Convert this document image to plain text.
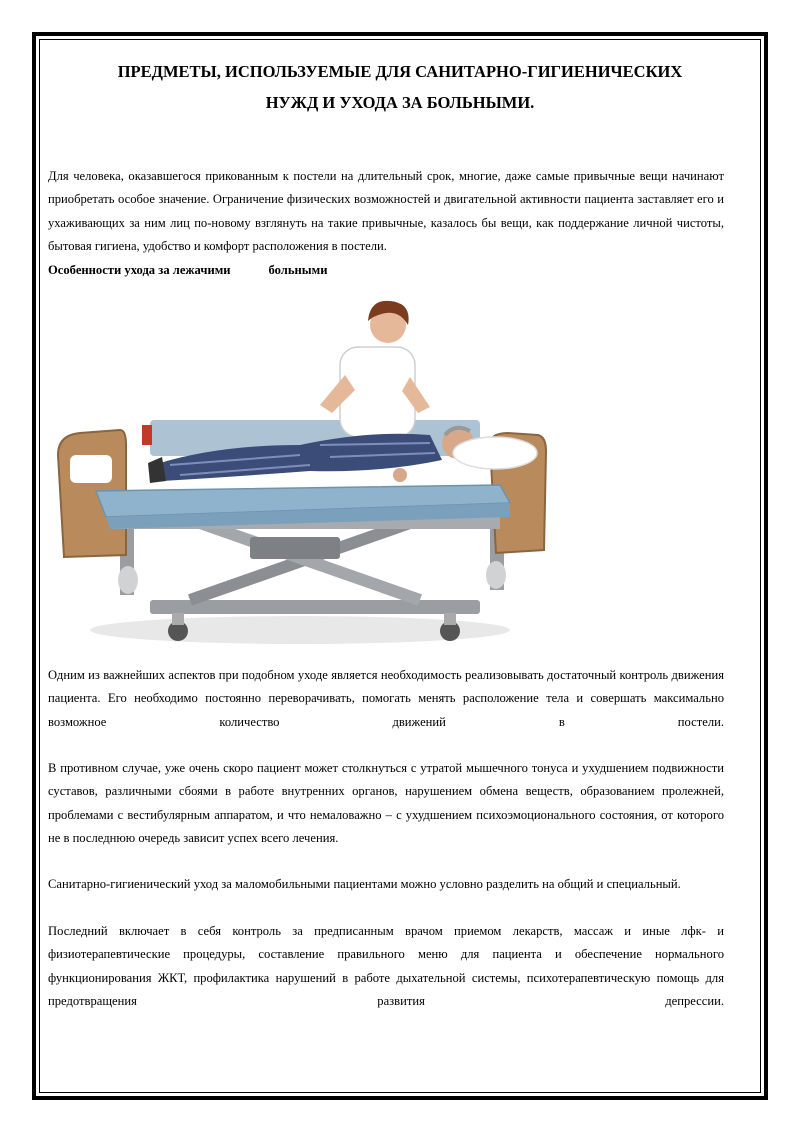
ПРЕДМЕТЫ, ИСПОЛЬЗУЕМЫЕ ДЛЯ САНИТАРНО-ГИГИЕНИЧЕСКИХ
НУЖД И УХОДА ЗА БОЛЬНЫМИ.
Для человека, оказавшегося прикованным к постели на длительный срок, многие, даже самые привычные вещи начинают приобретать особое значение. Ограничение физических возможностей и двигательной активности пациента заставляет его и ухаживающих за ним лиц по-новому взглянуть на такие привычные, казалось бы вещи, как поддержание личной чистоты, бытовая гигиена, удобство и комфорт расположения в постели.
Особенности ухода за лежачими	больными
Одним из важнейших аспектов при подобном уходе является необходимость реализовывать достаточный контроль движения пациента. Его необходимо постоянно переворачивать, помогать менять расположение тела и совершать максимально возможное количество движений в постели.
В противном случае, уже очень скоро пациент может столкнуться с утратой мышечного тонуса и ухудшением подвижности суставов, различными сбоями в работе внутренних органов, нарушением обмена веществ, образованием пролежней, проблемами с вестибулярным аппаратом, и что немаловажно – с ухудшением психоэмоционального состояния, от которого не в последнюю очередь зависит успех всего лечения.
Санитарно-гигиенический уход за маломобильными пациентами можно условно разделить на общий и специальный.
Последний включает в себя контроль за предписанным врачом приемом лекарств, массаж и иные лфк- и физиотерапевтические процедуры, составление правильного меню для пациента и обеспечение нормального функционирования ЖКТ, профилактика нарушений в работе дыхательной системы, психотерапевтическую помощь для предотвращения развития депрессии.
